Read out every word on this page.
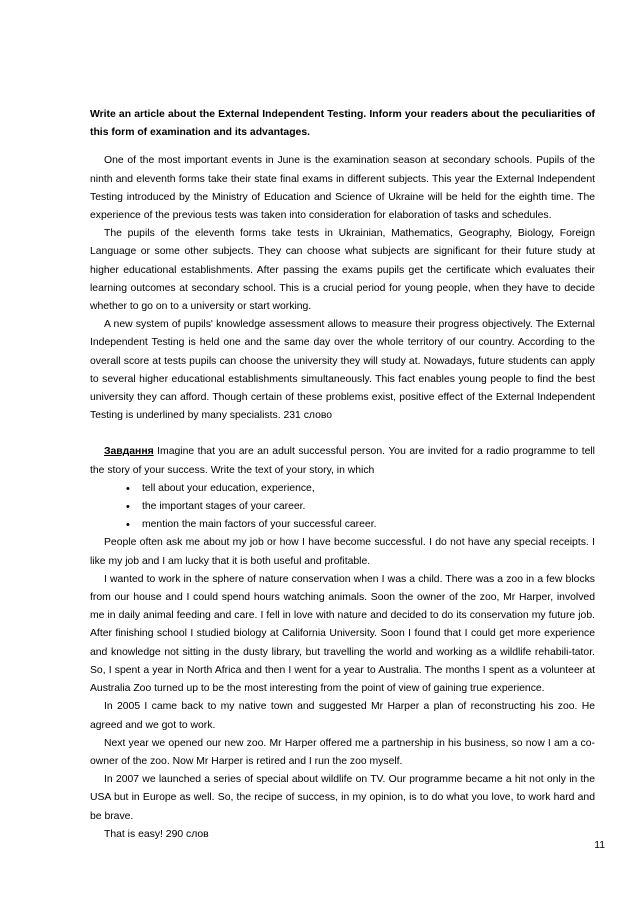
Write an article about the External Independent Testing. Inform your readers about the peculiarities of this form of examination and its advantages.

One of the most important events in June is the examination season at secondary schools. Pupils of the ninth and eleventh forms take their state final exams in different subjects. This year the External Independent Testing introduced by the Ministry of Education and Science of Ukraine will be held for the eighth time. The experience of the previous tests was taken into consideration for elaboration of tasks and schedules.

The pupils of the eleventh forms take tests in Ukrainian, Mathematics, Geography, Biology, Foreign Language or some other subjects. They can choose what subjects are significant for their future study at higher educational establishments. After passing the exams pupils get the certificate which evaluates their learning outcomes at secondary school. This is a crucial period for young people, when they have to decide whether to go on to a university or start working.

A new system of pupils' knowledge assessment allows to measure their progress objectively. The External Independent Testing is held one and the same day over the whole territory of our country. According to the overall score at tests pupils can choose the university they will study at. Nowadays, future students can apply to several higher educational establishments simultaneously. This fact enables young people to find the best university they can afford. Though certain of these problems exist, positive effect of the External Independent Testing is underlined by many specialists. 231 слово

Завдання Imagine that you are an adult successful person. You are invited for a radio programme to tell the story of your success. Write the text of your story, in which

• tell about your education, experience,
• the important stages of your career.
• mention the main factors of your successful career.

People often ask me about my job or how I have become successful. I do not have any special receipts. I like my job and I am lucky that it is both useful and profitable.

I wanted to work in the sphere of nature conservation when I was a child. There was a zoo in a few blocks from our house and I could spend hours watching animals. Soon the owner of the zoo, Mr Harper, involved me in daily animal feeding and care. I fell in love with nature and decided to do its conservation my future job. After finishing school I studied biology at California University. Soon I found that I could get more experience and knowledge not sitting in the dusty library, but travelling the world and working as a wildlife rehabili-tator. So, I spent a year in North Africa and then I went for a year to Australia. The months I spent as a volunteer at Australia Zoo turned up to be the most interesting from the point of view of gaining true experience.

In 2005 I came back to my native town and suggested Mr Harper a plan of reconstructing his zoo. He agreed and we got to work.

Next year we opened our new zoo. Mr Harper offered me a partnership in his business, so now I am a co-owner of the zoo. Now Mr Harper is retired and I run the zoo myself.

In 2007 we launched a series of special about wildlife on TV. Our programme became a hit not only in the USA but in Europe as well. So, the recipe of success, in my opinion, is to do what you love, to work hard and be brave.

That is easy! 290 слов

11
